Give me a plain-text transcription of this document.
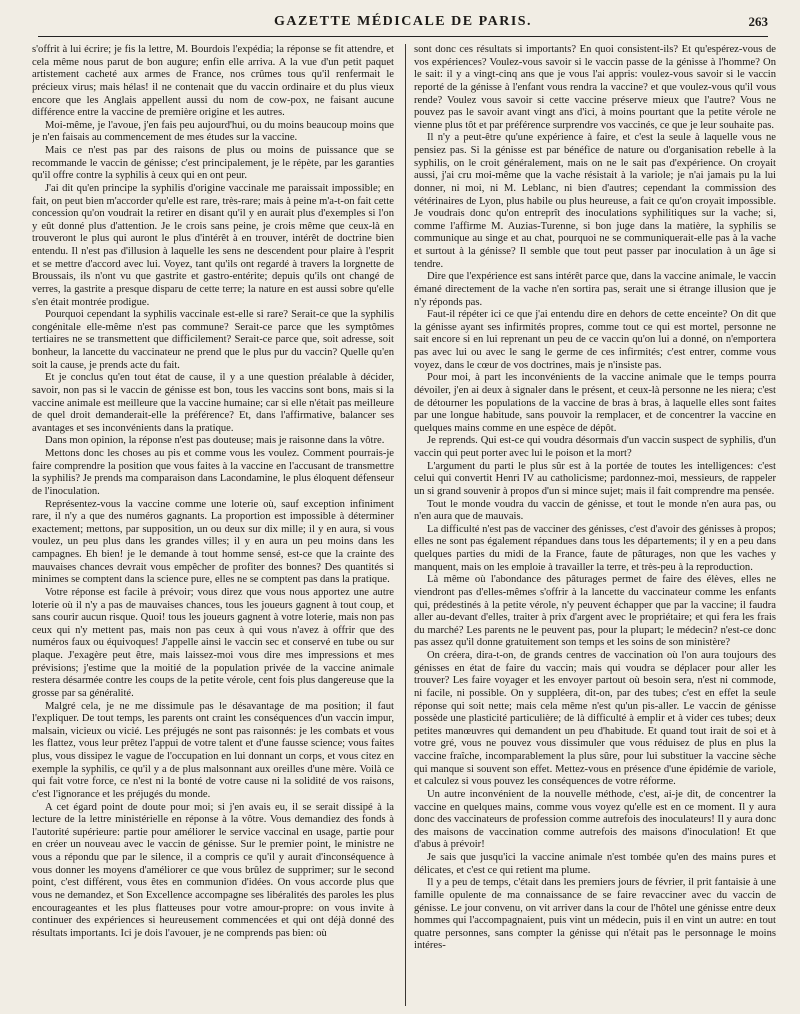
GAZETTE MÉDICALE DE PARIS.	263

s'offrit à lui écrire; je fis la lettre, M. Bourdois l'expédia; la réponse se fit attendre, et cela même nous parut de bon augure; enfin elle arriva. A la vue d'un petit paquet artistement cacheté aux armes de France, nos crûmes tous qu'il renfermait le précieux virus; mais hélas! il ne contenait que du vaccin ordinaire et du plus vieux encore que les Anglais appellent aussi du nom de cow-pox, ne faisant aucune différence entre la vaccine de première origine et les autres.

Moi-même, je l'avoue, j'en fais peu aujourd'hui, ou du moins beaucoup moins que je n'en faisais au commencement de mes études sur la vaccine.

Mais ce n'est pas par des raisons de plus ou moins de puissance que se recommande le vaccin de génisse; c'est principalement, je le répète, par les garanties qu'il offre contre la syphilis à ceux qui en ont peur.

J'ai dit qu'en principe la syphilis d'origine vaccinale me paraissait impossible; en fait, on peut bien m'accorder qu'elle est rare, très-rare; mais à peine m'a-t-on fait cette concession qu'on voudrait la retirer en disant qu'il y en aurait plus d'exemples si l'on y eût donné plus d'attention. Je le crois sans peine, je crois même que ceux-là en trouveront le plus qui auront le plus d'intérêt à en trouver, intérêt de doctrine bien entendu. Il n'est pas d'illusion à laquelle les sens ne descendent pour plaire à l'esprit et se mettre d'accord avec lui. Voyez, tant qu'ils ont regardé à travers la lorgnette de Broussais, ils n'ont vu que gastrite et gastro-entérite; depuis qu'ils ont changé de verres, la gastrite a presque disparu de cette terre; la nature en est aussi sobre qu'elle s'en était montrée prodigue.

Pourquoi cependant la syphilis vaccinale est-elle si rare? Serait-ce que la syphilis congénitale elle-même n'est pas commune? Serait-ce parce que les symptômes tertiaires ne se transmettent que difficilement? Serait-ce parce que, soit adresse, soit bonheur, la lancette du vaccinateur ne prend que le plus pur du vaccin? Quelle qu'en soit la cause, je prends acte du fait.

Et je conclus qu'en tout état de cause, il y a une question préalable à décider, savoir, non pas si le vaccin de génisse est bon, tous les vaccins sont bons, mais si la vaccine animale est meilleure que la vaccine humaine; car si elle n'était pas meilleure de quel droit demanderait-elle la préférence? Et, dans l'affirmative, balancer ses avantages et ses inconvénients dans la pratique.

Dans mon opinion, la réponse n'est pas douteuse; mais je raisonne dans la vôtre.

Mettons donc les choses au pis et comme vous les voulez. Comment pourrais-je faire comprendre la position que vous faites à la vaccine en l'accusant de transmettre la syphilis? Je prends ma comparaison dans Lacondamine, le plus éloquent défenseur de l'inoculation.

Représentez-vous la vaccine comme une loterie où, sauf exception infiniment rare, il n'y a que des numéros gagnants. La proportion est impossible à déterminer exactement; mettons, par supposition, un ou deux sur dix mille; il y en aura, si vous voulez, un peu plus dans les grandes villes; il y en aura un peu moins dans les campagnes. Eh bien! je le demande à tout homme sensé, est-ce que la crainte des mauvaises chances devrait vous empêcher de profiter des bonnes? Des quantités si minimes se comptent dans la science pure, elles ne se comptent pas dans la pratique.

Votre réponse est facile à prévoir; vous direz que vous nous apportez une autre loterie où il n'y a pas de mauvaises chances, tous les joueurs gagnent à tout coup, et sans courir aucun risque. Quoi! tous les joueurs gagnent à votre loterie, mais non pas ceux qui n'y mettent pas, mais non pas ceux à qui vous n'avez à offrir que des numéros faux ou équivoques! J'appelle ainsi le vaccin sec et conservé en tube ou sur plaque. J'exagère peut être, mais laissez-moi vous dire mes impressions et mes prévisions; j'estime que la moitié de la population privée de la vaccine animale restera désarmée contre les coups de la petite vérole, cent fois plus dangereuse que la grosse par sa généralité.

Malgré cela, je ne me dissimule pas le désavantage de ma position; il faut l'expliquer. De tout temps, les parents ont craint les conséquences d'un vaccin impur, malsain, vicieux ou vicié. Les préjugés ne sont pas raisonnés: je les combats et vous les flattez, vous leur prêtez l'appui de votre talent et d'une fausse science; vous faites plus, vous dissipez le vague de l'occupation en lui donnant un corps, et vous citez en exemple la syphilis, ce qu'il y a de plus malsonnant aux oreilles d'une mère. Voilà ce qui fait votre force, ce n'est ni la bonté de votre cause ni la solidité de vos raisons, c'est l'ignorance et les préjugés du monde.

A cet égard point de doute pour moi; si j'en avais eu, il se serait dissipé à la lecture de la lettre ministérielle en réponse à la vôtre. Vous demandiez des fonds à l'autorité supérieure: partie pour améliorer le service vaccinal en usage, partie pour en créer un nouveau avec le vaccin de génisse. Sur le premier point, le ministre ne vous a répondu que par le silence, il a compris ce qu'il y aurait d'inconséquence à vous donner les moyens d'améliorer ce que vous brûlez de supprimer; sur le second point, c'est différent, vous êtes en communion d'idées. On vous accorde plus que vous ne demandez, et Son Excellence accompagne ses libéralités des paroles les plus encourageantes et les plus flatteuses pour votre amour-propre: on vous invite à continuer des expériences si heureusement commencées et qui ont déjà donné des résultats importants. Ici je dois l'avouer, je ne comprends pas bien: où

sont donc ces résultats si importants? En quoi consistent-ils? Et qu'espérez-vous de vos expériences? Voulez-vous savoir si le vaccin passe de la génisse à l'homme? On le sait: il y a vingt-cinq ans que je vous l'ai appris: voulez-vous savoir si le vaccin reporté de la génisse à l'enfant vous rendra la vaccine? et que voulez-vous qu'il vous rende? Voulez vous savoir si cette vaccine préserve mieux que l'autre? Vous ne pouvez pas le savoir avant vingt ans d'ici, à moins pourtant que la petite vérole ne vienne plus tôt et par préférence surprendre vos vaccinés, ce que je leur souhaite pas.

Il n'y a peut-être qu'une expérience à faire, et c'est la seule à laquelle vous ne pensiez pas. Si la génisse est par bénéfice de nature ou d'organisation rebelle à la syphilis, on le croit généralement, mais on ne le sait pas d'expérience. On croyait aussi, j'ai cru moi-même que la vache résistait à la variole; je n'ai jamais pu la lui donner, ni moi, ni M. Leblanc, ni bien d'autres; cependant la commission des vétérinaires de Lyon, plus habile ou plus heureuse, a fait ce qu'on croyait impossible. Je voudrais donc qu'on entreprît des inoculations syphilitiques sur la vache; si, comme l'affirme M. Auzias-Turenne, si bon juge dans la matière, la syphilis se communique au singe et au chat, pourquoi ne se communiquerait-elle pas à la vache et surtout à la génisse? Il semble que tout peut passer par inoculation à un âge si tendre.

Dire que l'expérience est sans intérêt parce que, dans la vaccine animale, le vaccin émané directement de la vache n'en sortira pas, serait une si étrange illusion que je n'y réponds pas.

Faut-il répéter ici ce que j'ai entendu dire en dehors de cette enceinte? On dit que la génisse ayant ses infirmités propres, comme tout ce qui est mortel, personne ne sait encore si en lui reprenant un peu de ce vaccin qu'on lui a donné, on n'emportera pas avec lui ou avec le sang le germe de ces infirmités; c'est entrer, comme vous voyez, dans le cœur de vos doctrines, mais je n'insiste pas.

Pour moi, à part les inconvénients de la vaccine animale que le temps pourra dévoiler, j'en ai deux à signaler dans le présent, et ceux-là personne ne les niera; c'est de détourner les populations de la vaccine de bras à bras, à laquelle elles sont faites par une longue habitude, sans pouvoir la remplacer, et de concentrer la vaccine en quelques mains comme en une espèce de dépôt.

Je reprends. Qui est-ce qui voudra désormais d'un vaccin suspect de syphilis, d'un vaccin qui peut porter avec lui le poison et la mort?

L'argument du parti le plus sûr est à la portée de toutes les intelligences: c'est celui qui convertit Henri IV au catholicisme; pardonnez-moi, messieurs, de rappeler un si grand souvenir à propos d'un si mince sujet; mais il fait comprendre ma pensée.

Tout le monde voudra du vaccin de génisse, et tout le monde n'en aura pas, ou n'en aura que de mauvais.

La difficulté n'est pas de vacciner des génisses, c'est d'avoir des génisses à propos; elles ne sont pas également répandues dans tous les départements; il y en a peu dans quelques parties du midi de la France, faute de pâturages, non que les vaches y manquent, mais on les emploie à travailler la terre, et très-peu à la reproduction.

Là même où l'abondance des pâturages permet de faire des élèves, elles ne viendront pas d'elles-mêmes s'offrir à la lancette du vaccinateur comme les enfants qui, prédestinés à la petite vérole, n'y peuvent échapper que par la vaccine; il faudra aller au-devant d'elles, traiter à prix d'argent avec le propriétaire; et qui fera les frais du marché? Les parents ne le peuvent pas, pour la plupart; le médecin? n'est-ce donc pas assez qu'il donne gratuitement son temps et les soins de son ministère?

On créera, dira-t-on, de grands centres de vaccination où l'on aura toujours des génisses en état de faire du vaccin; mais qui voudra se déplacer pour aller les trouver? Les faire voyager et les envoyer partout où besoin sera, n'est ni commode, ni facile, ni possible. On y suppléera, dit-on, par des tubes; c'est en effet la seule réponse qui soit nette; mais cela même n'est qu'un pis-aller. Le vaccin de génisse possède une plasticité particulière; de là difficulté à emplir et à vider ces tubes; deux petites manœuvres qui demandent un peu d'habitude. Et quand tout irait de soi et à votre gré, vous ne pouvez vous dissimuler que vous réduisez de plus en plus la vaccine fraîche, incomparablement la plus sûre, pour lui substituer la vaccine sèche qui manque si souvent son effet. Mettez-vous en présence d'une épidémie de variole, et calculez si vous pouvez les conséquences de votre réforme.

Un autre inconvénient de la nouvelle méthode, c'est, ai-je dit, de concentrer la vaccine en quelques mains, comme vous voyez qu'elle est en ce moment. Il y aura donc des vaccinateurs de profession comme autrefois des inoculateurs! Il y aura donc des maisons de vaccination comme autrefois des maisons d'inoculation! Et que d'abus à prévoir!

Je sais que jusqu'ici la vaccine animale n'est tombée qu'en des mains pures et délicates, et c'est ce qui retient ma plume.

Il y a peu de temps, c'était dans les premiers jours de février, il prit fantaisie à une famille opulente de ma connaissance de se faire revacciner avec du vaccin de génisse. Le jour convenu, on vit arriver dans la cour de l'hôtel une génisse entre deux hommes qui l'accompagnaient, puis vint un médecin, puis il en vint un autre: en tout quatre personnes, sans compter la génisse qui n'était pas le personnage le moins intéres-
